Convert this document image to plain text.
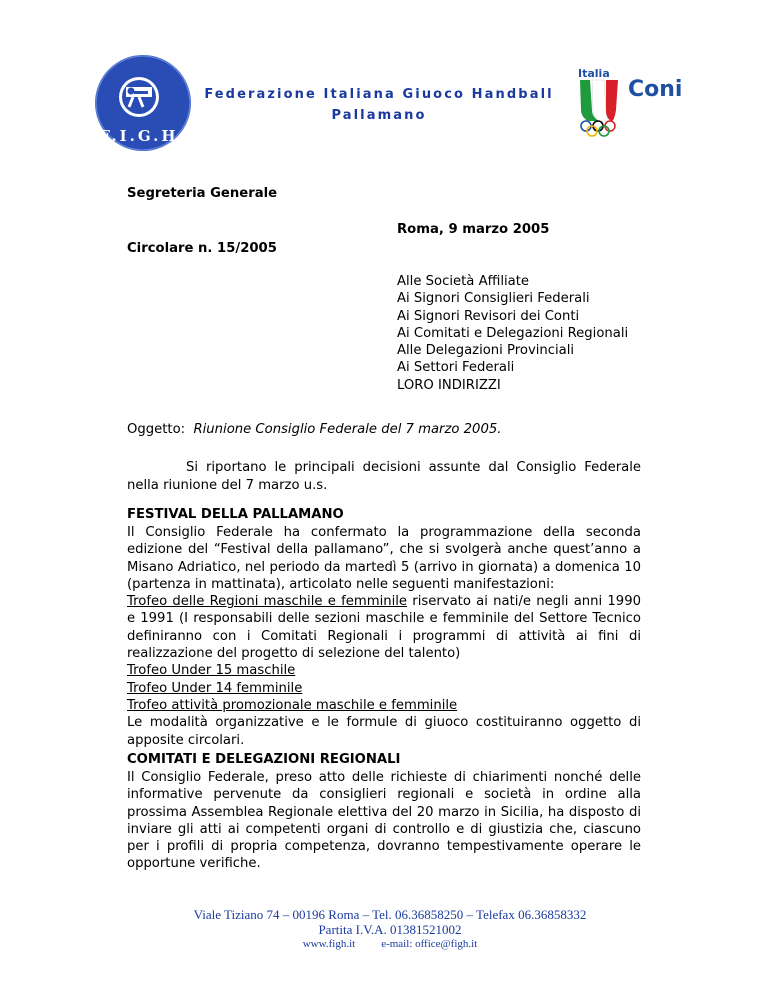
F.I.G.H.
Federazione Italiana Giuoco Handball
Pallamano
Italia
Coni
Segreteria Generale
Roma, 9 marzo 2005
Circolare n. 15/2005
Alle Società Affiliate
Ai Signori Consiglieri Federali
Ai Signori Revisori dei Conti
Ai Comitati e Delegazioni Regionali
Alle Delegazioni Provinciali
Ai Settori Federali
LORO INDIRIZZI
Oggetto: Riunione Consiglio Federale del 7 marzo 2005.

Si riportano le principali decisioni assunte dal Consiglio Federale nella riunione del 7 marzo u.s.

FESTIVAL DELLA PALLAMANO

Il Consiglio Federale ha confermato la programmazione della seconda edizione del “Festival della pallamano”, che si svolgerà anche quest’anno a Misano Adriatico, nel periodo da martedì 5 (arrivo in giornata) a domenica 10 (partenza in mattinata), articolato nelle seguenti manifestazioni:

Trofeo delle Regioni maschile e femminile riservato ai nati/e negli anni 1990 e 1991 (I responsabili delle sezioni maschile e femminile del Settore Tecnico definiranno con i Comitati Regionali i programmi di attività ai fini di realizzazione del progetto di selezione del talento)

Trofeo Under 15 maschile
Trofeo Under 14 femminile
Trofeo attività promozionale maschile e femminile

Le modalità organizzative e le formule di giuoco costituiranno oggetto di apposite circolari.

COMITATI E DELEGAZIONI REGIONALI

Il Consiglio Federale, preso atto delle richieste di chiarimenti nonché delle informative pervenute da consiglieri regionali e società in ordine alla prossima Assemblea Regionale elettiva del 20 marzo in Sicilia, ha disposto di inviare gli atti ai competenti organi di controllo e di giustizia che, ciascuno per i profili di propria competenza, dovranno tempestivamente operare le opportune verifiche.

Viale Tiziano 74 – 00196 Roma – Tel. 06.36858250 – Telefax 06.36858332
Partita I.V.A. 01381521002
www.figh.it e-mail: office@figh.it
